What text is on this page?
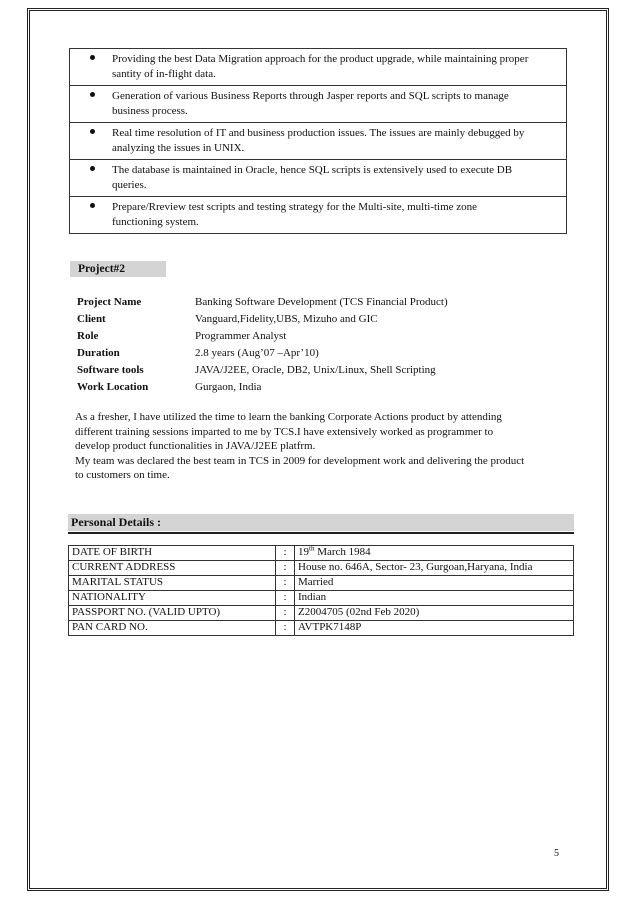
Providing the best Data Migration approach for the product upgrade, while maintaining proper
santity of in-flight data.

Generation of various Business Reports through Jasper reports and SQL scripts to manage
business process.

Real time resolution of IT and business production issues. The issues are mainly debugged by
analyzing the issues in UNIX.

The database is maintained in Oracle, hence SQL scripts is extensively used to execute DB
queries.

Prepare/Rreview test scripts and testing strategy for the Multi-site, multi-time zone
functioning system.
Project#2
Project Name	Banking Software Development (TCS Financial Product)
Client	Vanguard,Fidelity,UBS, Mizuho and GIC
Role	Programmer Analyst
Duration	2.8 years (Aug’07 –Apr’10)
Software tools	JAVA/J2EE, Oracle, DB2, Unix/Linux, Shell Scripting
Work Location	Gurgaon, India

As a fresher, I have utilized the time to learn the banking Corporate Actions product by attending

different training sessions imparted to me by TCS.I have extensively worked as programmer to

develop product functionalities in JAVA/J2EE platfrm.

My team was declared the best team in TCS in 2009 for development work and delivering the product

to customers on time.

Personal Details :
DATE OF BIRTH	:	19th March 1984
CURRENT ADDRESS	:	House no. 646A, Sector- 23, Gurgoan,Haryana, India
MARITAL STATUS	:	Married
NATIONALITY	:	Indian
PASSPORT NO. (VALID UPTO)	:	Z2004705 (02nd Feb 2020)
PAN CARD NO.	:	AVTPK7148P
5
